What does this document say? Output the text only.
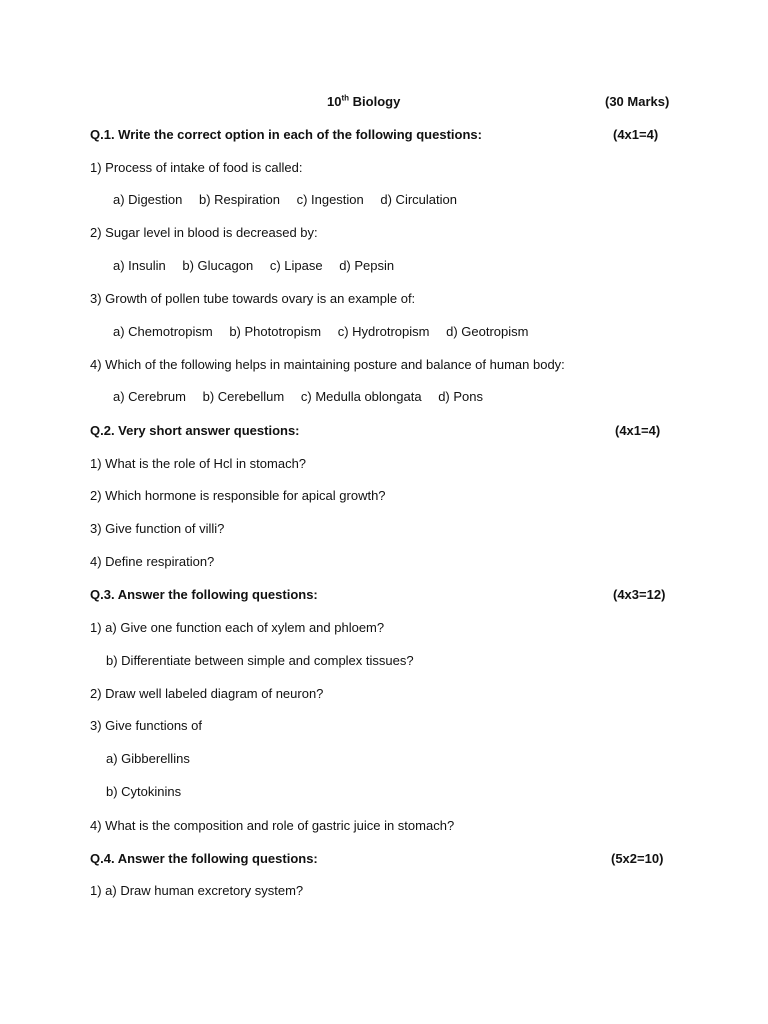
10th Biology	(30 Marks)
Q.1. Write the correct option in each of the following questions:	(4x1=4)
1) Process of intake of food is called:
a) Digestion b) Respiration c) Ingestion d) Circulation
2) Sugar level in blood is decreased by:
a) Insulin b) Glucagon c) Lipase d) Pepsin
3) Growth of pollen tube towards ovary is an example of:
a) Chemotropism b) Phototropism c) Hydrotropism d) Geotropism
4) Which of the following helps in maintaining posture and balance of human body:
a) Cerebrum b) Cerebellum c) Medulla oblongata d) Pons
Q.2. Very short answer questions:	(4x1=4)
1) What is the role of Hcl in stomach?
2) Which hormone is responsible for apical growth?
3) Give function of villi?
4) Define respiration?
Q.3. Answer the following questions:	(4x3=12)
1) a) Give one function each of xylem and phloem?
b) Differentiate between simple and complex tissues?
2) Draw well labeled diagram of neuron?
3) Give functions of
a) Gibberellins
b) Cytokinins
4) What is the composition and role of gastric juice in stomach?
Q.4. Answer the following questions:	(5x2=10)
1) a) Draw human excretory system?
